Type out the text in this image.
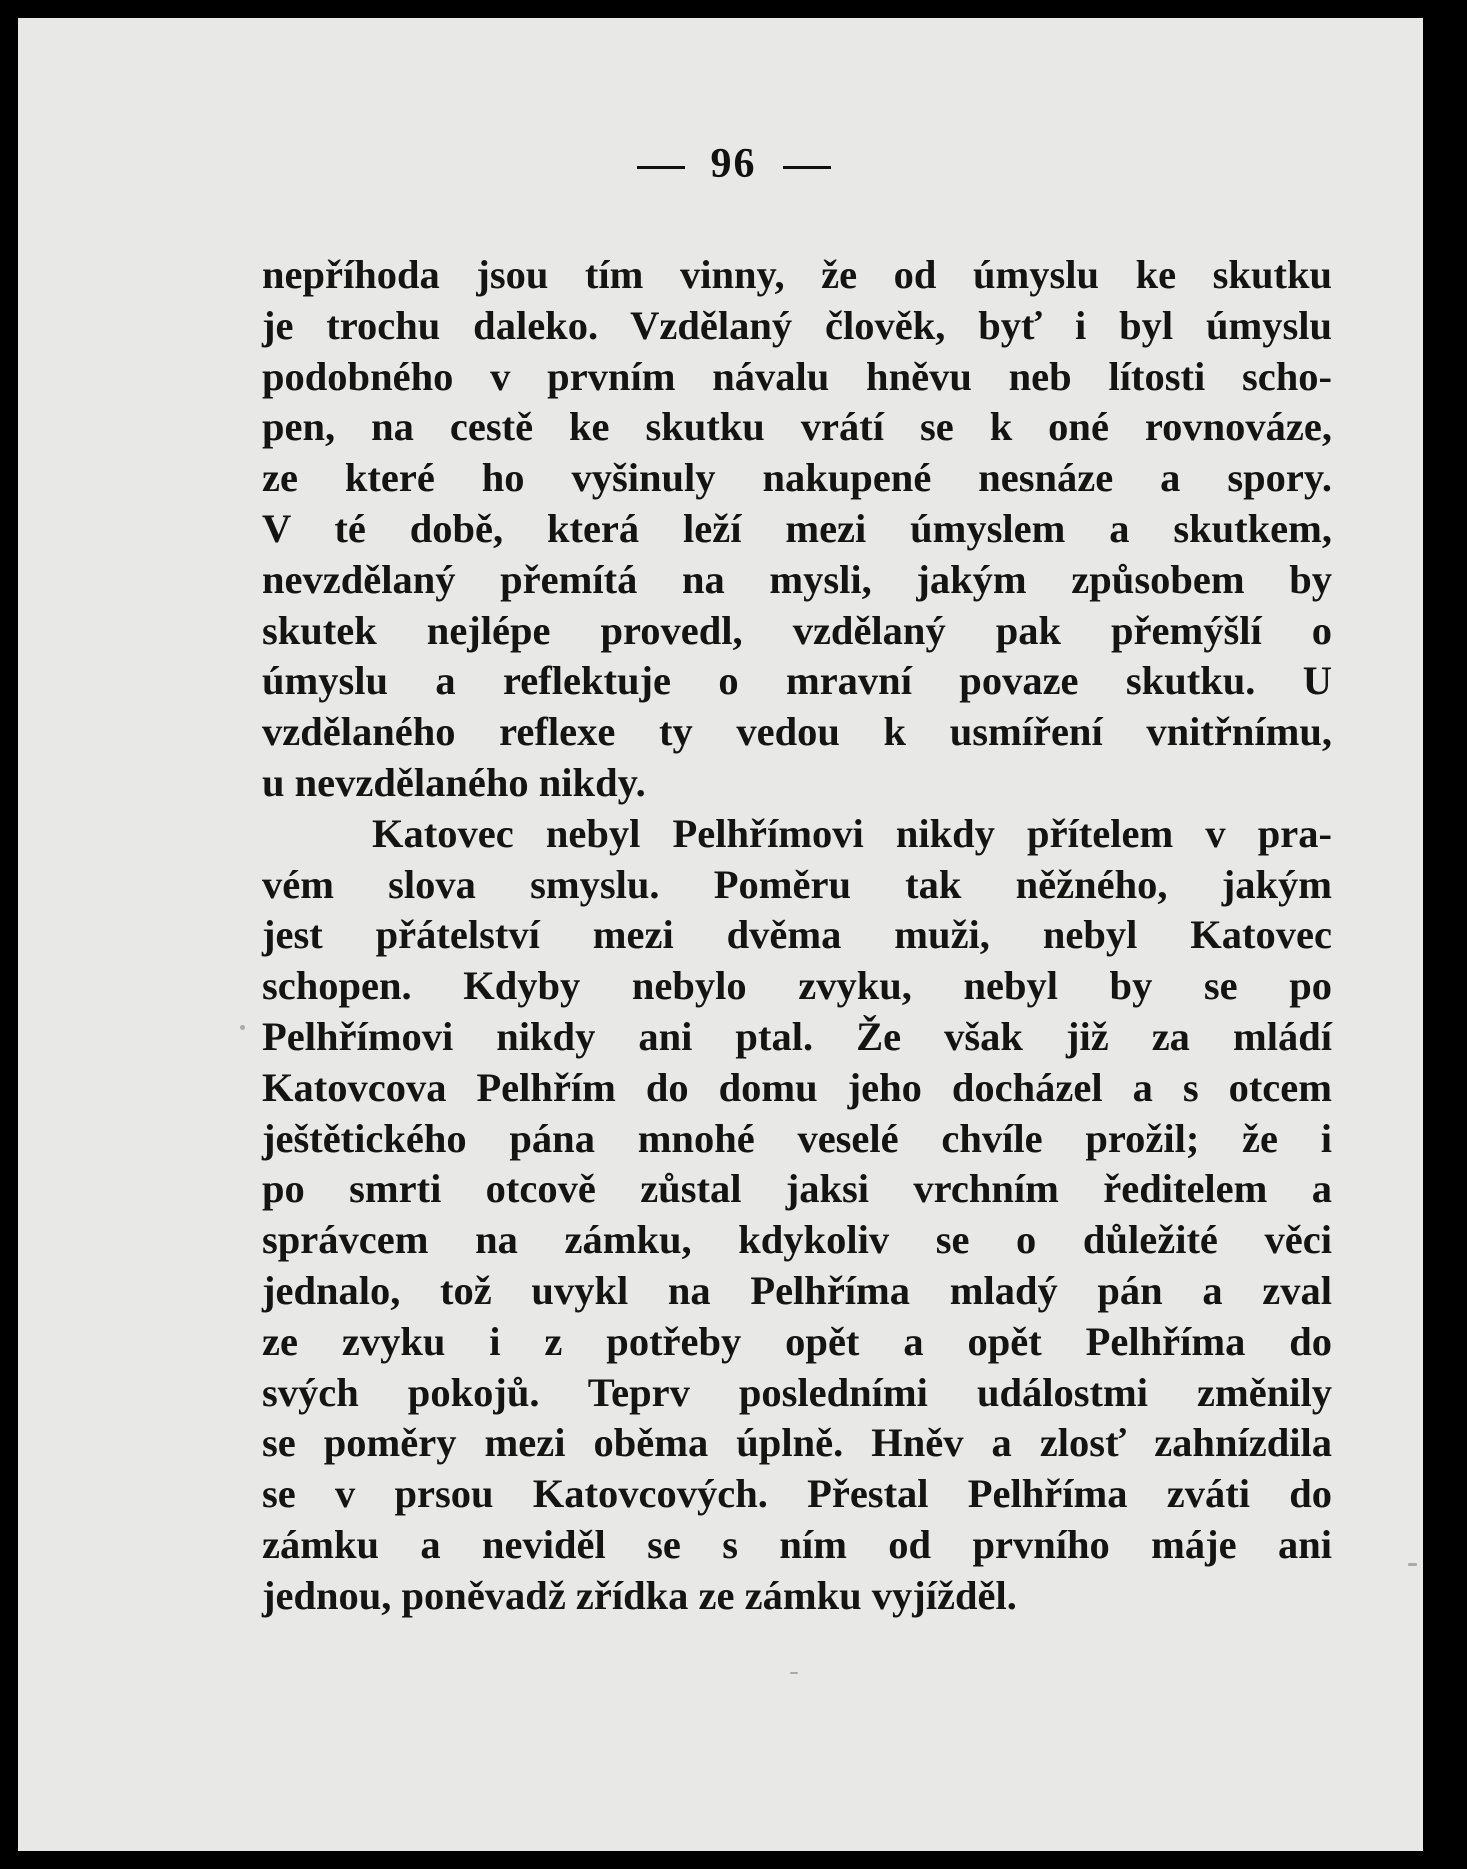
96
nepříhoda jsou tím vinny, že od úmyslu ke skutku
je trochu daleko. Vzdělaný člověk, byť i byl úmyslu
podobného v prvním návalu hněvu neb lítosti scho-
pen, na cestě ke skutku vrátí se k oné rovnováze,
ze které ho vyšinuly nakupené nesnáze a spory.
V té době, která leží mezi úmyslem a skutkem,
nevzdělaný přemítá na mysli, jakým způsobem by
skutek nejlépe provedl, vzdělaný pak přemýšlí o
úmyslu a reflektuje o mravní povaze skutku. U
vzdělaného reflexe ty vedou k usmíření vnitřnímu,
u nevzdělaného nikdy.
Katovec nebyl Pelhřímovi nikdy přítelem v pra-
vém slova smyslu. Poměru tak něžného, jakým
jest přátelství mezi dvěma muži, nebyl Katovec
schopen. Kdyby nebylo zvyku, nebyl by se po
Pelhřímovi nikdy ani ptal. Že však již za mládí
Katovcova Pelhřím do domu jeho docházel a s otcem
ještětického pána mnohé veselé chvíle prožil; že i
po smrti otcově zůstal jaksi vrchním ředitelem a
správcem na zámku, kdykoliv se o důležité věci
jednalo, tož uvykl na Pelhříma mladý pán a zval
ze zvyku i z potřeby opět a opět Pelhříma do
svých pokojů. Teprv posledními událostmi změnily
se poměry mezi oběma úplně. Hněv a zlosť zahnízdila
se v prsou Katovcových. Přestal Pelhříma zváti do
zámku a neviděl se s ním od prvního máje ani
jednou, poněvadž zřídka ze zámku vyjížděl.
